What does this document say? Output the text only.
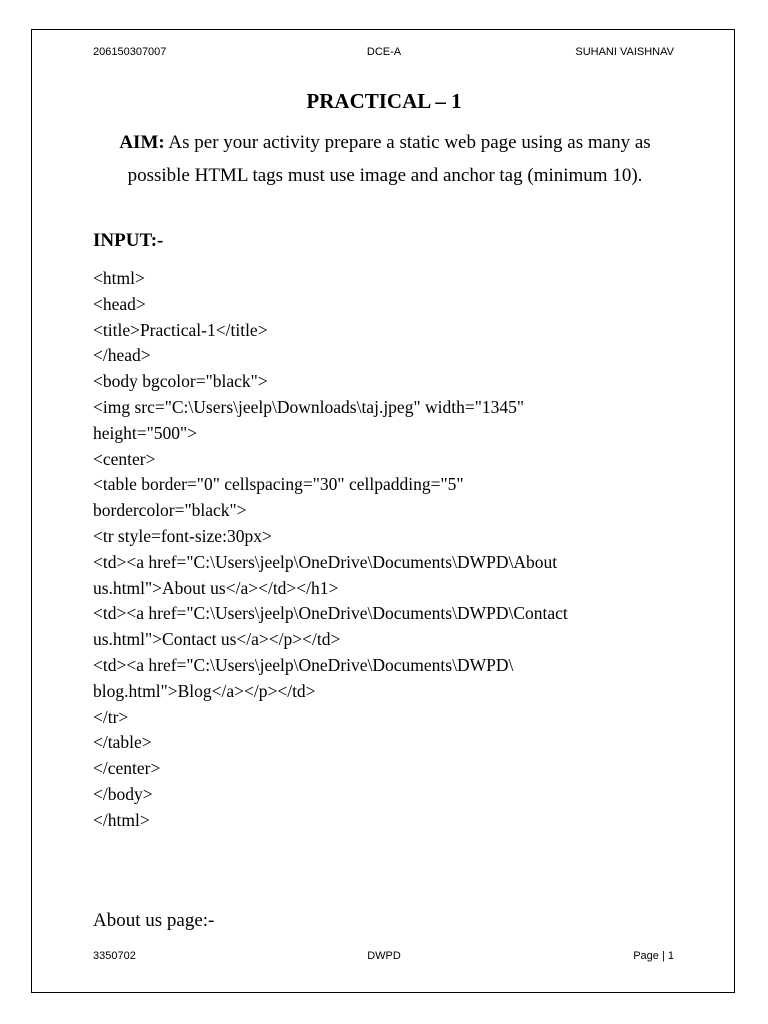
206150307007	DCE-A	SUHANI VAISHNAV
PRACTICAL – 1
AIM: As per your activity prepare a static web page using as many as
possible HTML tags must use image and anchor tag (minimum 10).
INPUT:-
<html>
<head>
<title>Practical-1</title>
</head>
<body bgcolor="black">
<img src="C:\Users\jeelp\Downloads\taj.jpeg" width="1345"
height="500">
<center>
<table border="0" cellspacing="30" cellpadding="5"
bordercolor="black">
<tr style=font-size:30px>
<td><a href="C:\Users\jeelp\OneDrive\Documents\DWPD\About
us.html">About us</a></td></h1>
<td><a href="C:\Users\jeelp\OneDrive\Documents\DWPD\Contact
us.html">Contact us</a></p></td>
<td><a href="C:\Users\jeelp\OneDrive\Documents\DWPD\
blog.html">Blog</a></p></td>
</tr>
</table>
</center>
</body>
</html>
About us page:-
3350702	DWPD	Page | 1
